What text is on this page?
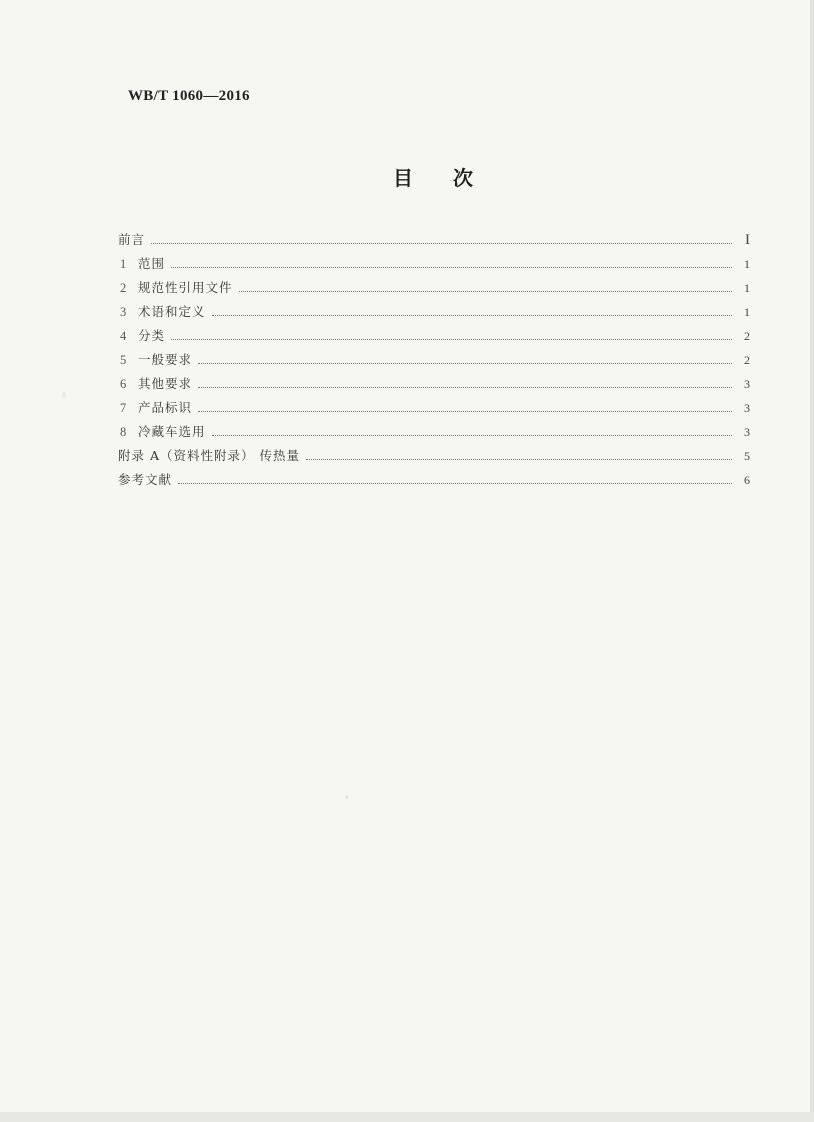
WB/T 1060—2016
目 次
前言	I
1 范围	1
2 规范性引用文件	1
3 术语和定义	1
4 分类	2
5 一般要求	2
6 其他要求	3
7 产品标识	3
8 冷藏车选用	3
附录 A（资料性附录） 传热量	5
参考文献	6
